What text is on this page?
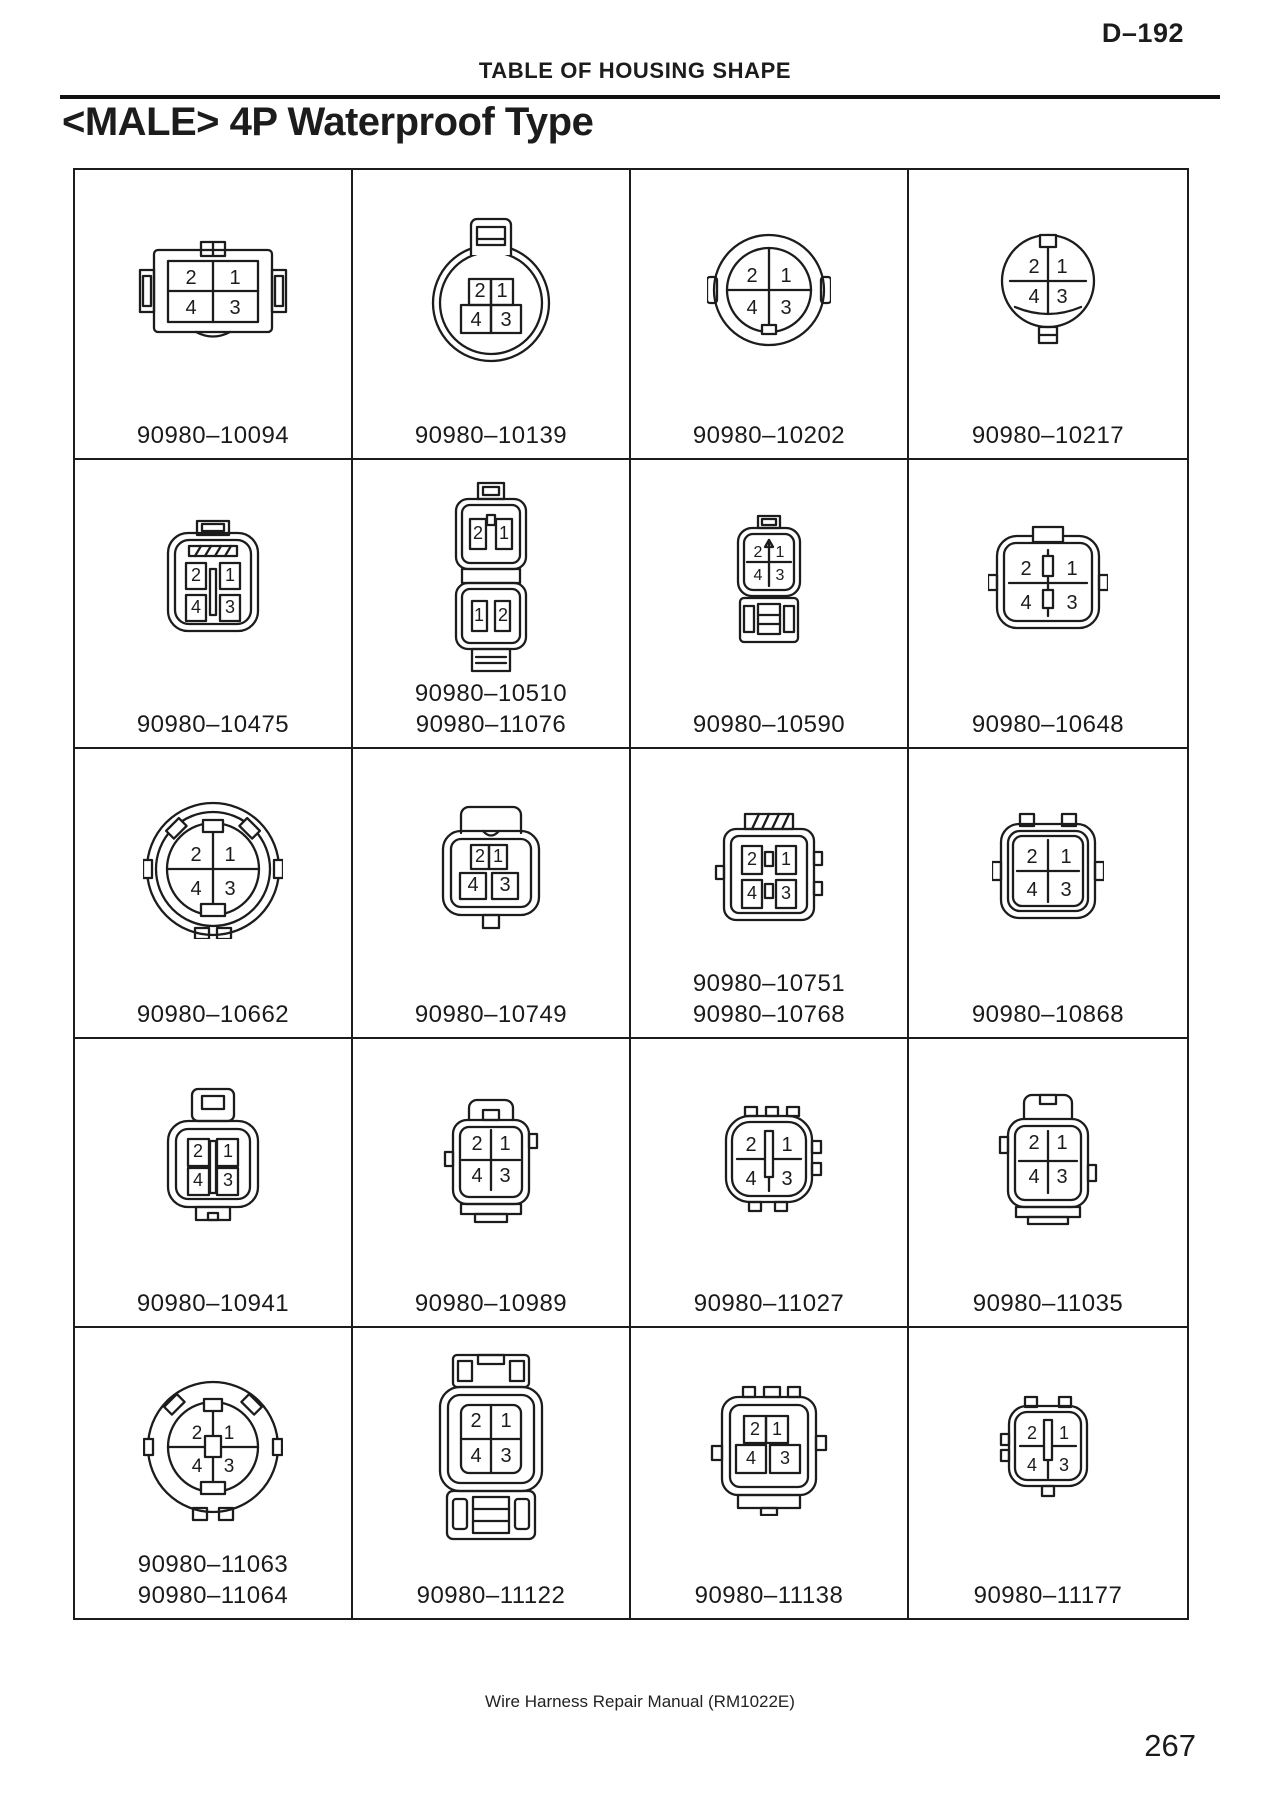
D–192
TABLE OF HOUSING SHAPE
<MALE> 4P Waterproof Type
2 1
4 3
90980–10094
2 1
4 3
90980–10139
2 1
4 3
90980–10202
2 1
4 3
90980–10217
2 1
4 3
90980–10475
2 1
1 2
90980–10510
90980–11076
2 1
4 3
90980–10590
2 1
4 3
90980–10648
2 1
4 3
90980–10662
2 1
4 3
90980–10749
2 1
4 3
90980–10751
90980–10768
2 1
4 3
90980–10868
2 1
4 3
90980–10941
2 1
4 3
90980–10989
2 1
4 3
90980–11027
2 1
4 3
90980–11035
2 1
4 3
90980–11063
90980–11064
2 1
4 3
90980–11122
2 1
4 3
90980–11138
2 1
4 3
90980–11177
Wire Harness Repair Manual (RM1022E)
267
